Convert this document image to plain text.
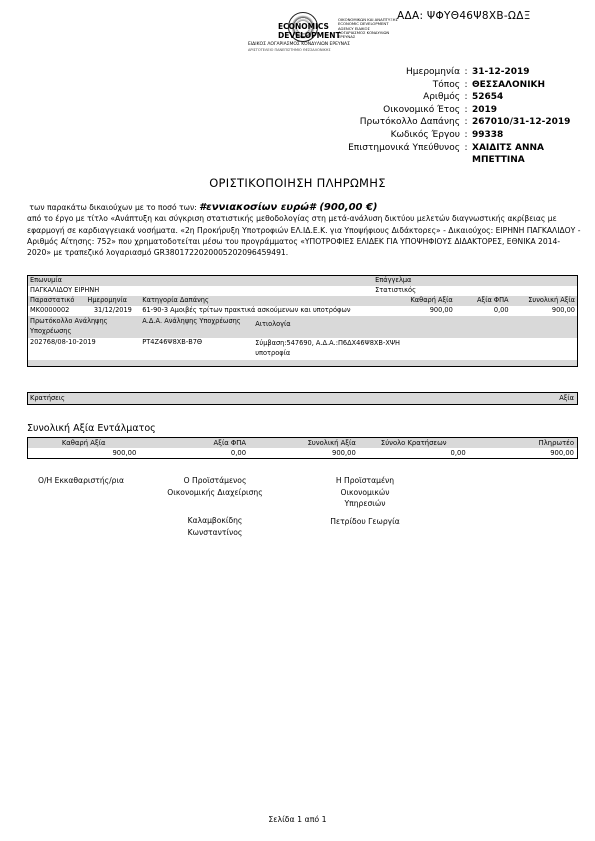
ΑΔΑ: ΨΦΥΘ46Ψ8ΧΒ-ΩΔΞ
ECONOMICS
DEVELOPMENT
ΟΙΚΟΝΟΜΙΚΩΝ ΚΑΙ ΑΝΑΠΤΥΞΗΣ ECONOMIC DEVELOPMENT AGENCY ΕΙΔΙΚΟΣ ΛΟΓΑΡΙΑΣΜΟΣ ΚΟΝΔΥΛΙΩΝ ΕΡΕΥΝΑΣ
ΕΙΔΙΚΟΣ ΛΟΓΑΡΙΑΣΜΟΣ ΚΟΝΔΥΛΙΩΝ ΕΡΕΥΝΑΣ
ΑΡΙΣΤΟΤΕΛΕΙΟ ΠΑΝΕΠΙΣΤΗΜΙΟ ΘΕΣΣΑΛΟΝΙΚΗΣ
Ημερομηνία : 31-12-2019
Τόπος : ΘΕΣΣΑΛΟΝΙΚΗ
Αριθμός : 52654
Οικονομικό Έτος : 2019
Πρωτόκολλο Δαπάνης : 267010/31-12-2019
Κωδικός Έργου : 99338
Επιστημονικά Υπεύθυνος : ΧΑΙΔΙΤΣ ΑΝΝΑ
ΜΠΕΤΤΙΝΑ
ΟΡΙΣΤΙΚΟΠΟΙΗΣΗ ΠΛΗΡΩΜΗΣ
των παρακάτω δικαιούχων με το ποσό των: #εννιακοσίων ευρώ# (900,00 €)
από το έργο με τίτλο «Ανάπτυξη και σύγκριση στατιστικής μεθοδολογίας στη μετά-ανάλυση δικτύου μελετών διαγνωστικής ακρίβειας με εφαρμογή σε καρδιαγγειακά νοσήματα. «2η Προκήρυξη Υποτροφιών ΕΛ.ΙΔ.Ε.Κ. για Υποψήφιους Διδάκτορες» - Δικαιούχος: ΕΙΡΗΝΗ ΠΑΓΚΑΛΙΔΟΥ - Αριθμός Αίτησης: 752» που χρηματοδοτείται μέσω του προγράμματος «ΥΠΟΤΡΟΦΙΕΣ ΕΛΙΔΕΚ ΓΙΑ ΥΠΟΨΗΦΙΟΥΣ ΔΙΔΑΚΤΟΡΕΣ, ΕΘΝΙΚΑ 2014-2020» με τραπεζικό λογαριασμό GR3801722020005202096459491.
Επωνυμία				Επάγγελμα		
ΠΑΓΚΑΛΙΔΟΥ ΕΙΡΗΝΗ				Στατιστικός		
Παραστατικό	Ημερομηνία	Κατηγορία Δαπάνης		Καθαρή Αξία	Αξία ΦΠΑ	Συνολική Αξία
ΜΚ0000002	31/12/2019	61-90-3 Αμοιβές τρίτων πρακτικά ασκούμενων και υποτρόφων		900,00	0,00	900,00
Πρωτόκολλο Ανάληψης Υποχρέωσης		Α.Δ.Α. Ανάληψης Υποχρέωσης	Αιτιολογία			
202768/08-10-2019		ΡΤ4Ζ46Ψ8ΧΒ-Β7Θ	Σύμβαση:547690, Α.Δ.Α.:Π6ΔΧ46Ψ8ΧΒ-ΧΨΗ
υποτροφία			

Κρατήσεις	Αξία
Συνολική Αξία Εντάλματος
Καθαρή Αξία	Αξία ΦΠΑ	Συνολική Αξία	Σύνολο Κρατήσεων	Πληρωτέο
900,00	0,00	900,00	0,00	900,00
Ο/Η Εκκαθαριστής/ρια	Ο Προϊστάμενος
Οικονομικής Διαχείρισης
Καλαμβοκίδης
Κωνσταντίνος
Η Προϊσταμένη
Οικονομικών
Υπηρεσιών
Πετρίδου Γεωργία
Σελίδα 1 από 1
